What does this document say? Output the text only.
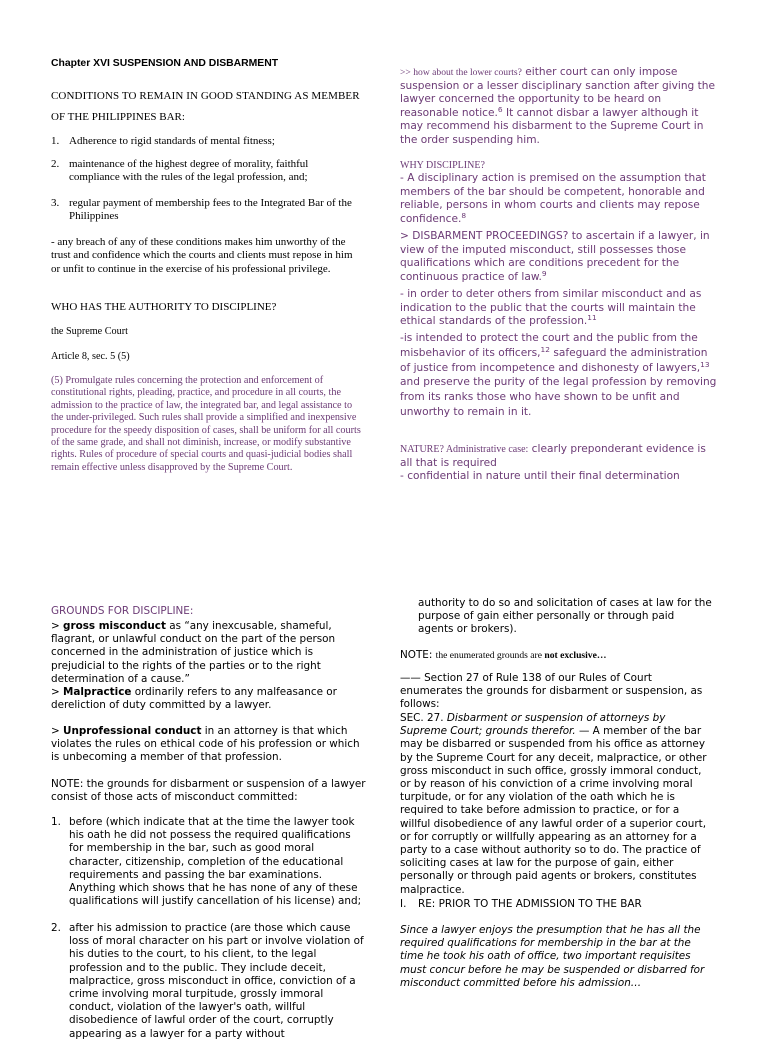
Chapter XVI SUSPENSION AND DISBARMENT

CONDITIONS TO REMAIN IN GOOD STANDING AS MEMBER

OF THE PHILIPPINES BAR:

1. Adherence to rigid standards of mental fitness;
2. maintenance of the highest degree of morality, faithful compliance with the rules of the legal profession, and;
3. regular payment of membership fees to the Integrated Bar of the Philippines

- any breach of any of these conditions makes him unworthy of the trust and confidence which the courts and clients must repose in him or unfit to continue in the exercise of his professional privilege.

WHO HAS THE AUTHORITY TO DISCIPLINE?

the Supreme Court

Article 8, sec. 5 (5)

(5) Promulgate rules concerning the protection and enforcement of constitutional rights, pleading, practice, and procedure in all courts, the admission to the practice of law, the integrated bar, and legal assistance to the under-privileged. Such rules shall provide a simplified and inexpensive procedure for the speedy disposition of cases, shall be uniform for all courts of the same grade, and shall not diminish, increase, or modify substantive rights. Rules of procedure of special courts and quasi-judicial bodies shall remain effective unless disapproved by the Supreme Court.

>> how about the lower courts? either court can only impose suspension or a lesser disciplinary sanction after giving the lawyer concerned the opportunity to be heard on reasonable notice.$^6$ It cannot disbar a lawyer although it may recommend his disbarment to the Supreme Court in the order suspending him.

WHY DISCIPLINE?

- A disciplinary action is premised on the assumption that members of the bar should be competent, honorable and reliable, persons in whom courts and clients may repose confidence.$^8$

> DISBARMENT PROCEEDINGS? to ascertain if a lawyer, in view of the imputed misconduct, still possesses those qualifications which are conditions precedent for the continuous practice of law.$^9$

- in order to deter others from similar misconduct and as indication to the public that the courts will maintain the ethical standards of the profession.$^{11}$

-is intended to protect the court and the public from the misbehavior of its officers,$^{12}$ safeguard the administration of justice from incompetence and dishonesty of lawyers,$^{13}$ and preserve the purity of the legal profession by removing from its ranks those who have shown to be unfit and unworthy to remain in it.

NATURE? Administrative case: clearly preponderant evidence is all that is required

- confidential in nature until their final determination

GROUNDS FOR DISCIPLINE:

> gross misconduct as “any inexcusable, shameful, flagrant, or unlawful conduct on the part of the person concerned in the administration of justice which is prejudicial to the rights of the parties or to the right determination of a cause.”

> Malpractice ordinarily refers to any malfeasance or dereliction of duty committed by a lawyer.

> Unprofessional conduct in an attorney is that which violates the rules on ethical code of his profession or which is unbecoming a member of that profession.

NOTE: the grounds for disbarment or suspension of a lawyer consist of those acts of misconduct committed:

1. before (which indicate that at the time the lawyer took his oath he did not possess the required qualifications for membership in the bar, such as good moral character, citizenship, completion of the educational requirements and passing the bar examinations. Anything which shows that he has none of any of these qualifications will justify cancellation of his license) and;
2. after his admission to practice (are those which cause loss of moral character on his part or involve violation of his duties to the court, to his client, to the legal profession and to the public. They include deceit, malpractice, gross misconduct in office, conviction of a crime involving moral turpitude, grossly immoral conduct, violation of the lawyer's oath, willful disobedience of lawful order of the court, corruptly appearing as a lawyer for a party without

authority to do so and solicitation of cases at law for the purpose of gain either personally or through paid agents or brokers).

NOTE: the enumerated grounds are not exclusive…

—— Section 27 of Rule 138 of our Rules of Court enumerates the grounds for disbarment or suspension, as follows:

SEC. 27. Disbarment or suspension of attorneys by Supreme Court; grounds therefor. — A member of the bar may be disbarred or suspended from his office as attorney by the Supreme Court for any deceit, malpractice, or other gross misconduct in such office, grossly immoral conduct, or by reason of his conviction of a crime involving moral turpitude, or for any violation of the oath which he is required to take before admission to practice, or for a willful disobedience of any lawful order of a superior court, or for corruptly or willfully appearing as an attorney for a party to a case without authority so to do. The practice of soliciting cases at law for the purpose of gain, either personally or through paid agents or brokers, constitutes malpractice.

I.	RE: PRIOR TO THE ADMISSION TO THE BAR

Since a lawyer enjoys the presumption that he has all the required qualifications for membership in the bar at the time he took his oath of office, two important requisites must concur before he may be suspended or disbarred for misconduct committed before his admission…
